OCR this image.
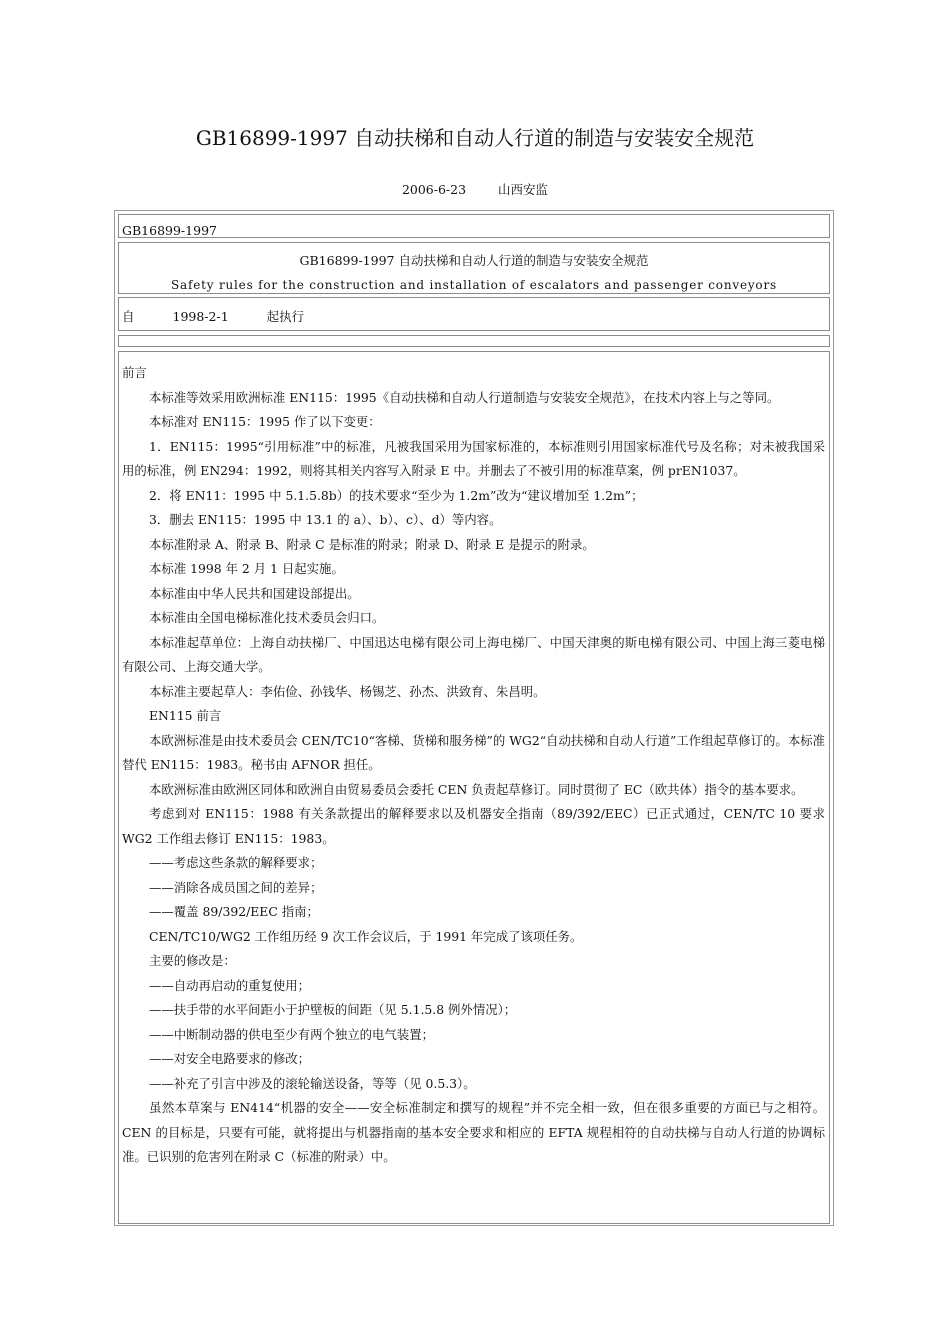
GB16899-1997 自动扶梯和自动人行道的制造与安装安全规范
2006-6-23	山西安监
GB16899-1997
GB16899-1997 自动扶梯和自动人行道的制造与安装安全规范
Safety rules for the construction and installation of escalators and passenger conveyors
自	1998-2-1	起执行

前言

本标准等效采用欧洲标准 EN115：1995《自动扶梯和自动人行道制造与安装安全规范》，在技术内容上与之等同。

本标准对 EN115：1995 作了以下变更：

1．EN115：1995“引用标准”中的标准，凡被我国采用为国家标准的，本标准则引用国家标准代号及名称；对未被我国采用的标准，例 EN294：1992，则将其相关内容写入附录 E 中。并删去了不被引用的标准草案，例 prEN1037。

2．将 EN11：1995 中 5.1.5.8b）的技术要求“至少为 1.2m”改为“建议增加至 1.2m”；

3．删去 EN115：1995 中 13.1 的 a）、b）、c）、d）等内容。

本标准附录 A、附录 B、附录 C 是标准的附录；附录 D、附录 E 是提示的附录。

本标准 1998 年 2 月 1 日起实施。

本标准由中华人民共和国建设部提出。

本标准由全国电梯标准化技术委员会归口。

本标准起草单位：上海自动扶梯厂、中国迅达电梯有限公司上海电梯厂、中国天津奥的斯电梯有限公司、中国上海三菱电梯有限公司、上海交通大学。

本标准主要起草人：李佑俭、孙钱华、杨锡芝、孙杰、洪致育、朱昌明。

EN115 前言

本欧洲标准是由技术委员会 CEN/TC10“客梯、货梯和服务梯”的 WG2“自动扶梯和自动人行道”工作组起草修订的。本标准替代 EN115：1983。秘书由 AFNOR 担任。

本欧洲标准由欧洲区同体和欧洲自由贸易委员会委托 CEN 负责起草修订。同时贯彻了 EC（欧共体）指令的基本要求。

考虑到对 EN115：1988 有关条款提出的解释要求以及机器安全指南（89/392/EEC）已正式通过，CEN/TC 10 要求 WG2 工作组去修订 EN115：1983。

——考虑这些条款的解释要求；

——消除各成员国之间的差异；

——覆盖 89/392/EEC 指南；

CEN/TC10/WG2 工作组历经 9 次工作会议后，于 1991 年完成了该项任务。

主要的修改是：

——自动再启动的重复使用；

——扶手带的水平间距小于护壁板的间距（见 5.1.5.8 例外情况）；

——中断制动器的供电至少有两个独立的电气装置；

——对安全电路要求的修改；

——补充了引言中涉及的滚轮输送设备，等等（见 0.5.3）。

虽然本草案与 EN414“机器的安全——安全标准制定和撰写的规程”并不完全相一致，但在很多重要的方面已与之相符。CEN 的目标是，只要有可能，就将提出与机器指南的基本安全要求和相应的 EFTA 规程相符的自动扶梯与自动人行道的协调标准。已识别的危害列在附录 C（标准的附录）中。
